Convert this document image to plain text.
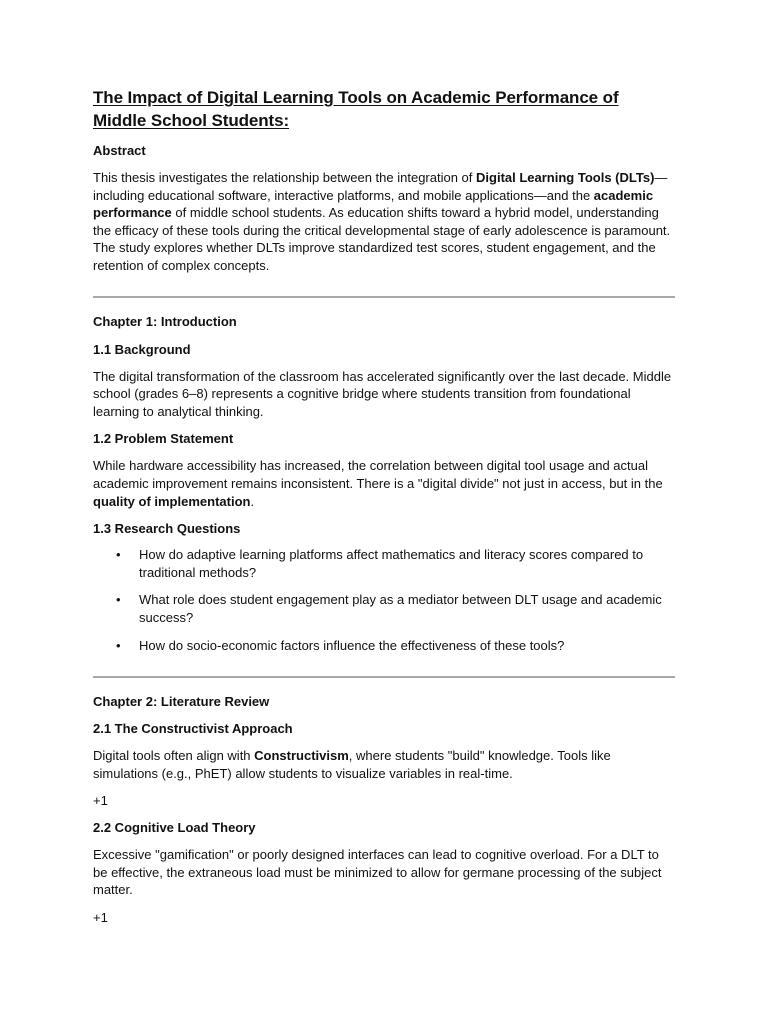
The Impact of Digital Learning Tools on Academic Performance of Middle School Students:
Abstract

This thesis investigates the relationship between the integration of Digital Learning Tools (DLTs)—including educational software, interactive platforms, and mobile applications—and the academic performance of middle school students. As education shifts toward a hybrid model, understanding the efficacy of these tools during the critical developmental stage of early adolescence is paramount. The study explores whether DLTs improve standardized test scores, student engagement, and the retention of complex concepts.

Chapter 1: Introduction
1.1 Background

The digital transformation of the classroom has accelerated significantly over the last decade. Middle school (grades 6–8) represents a cognitive bridge where students transition from foundational learning to analytical thinking.

1.2 Problem Statement

While hardware accessibility has increased, the correlation between digital tool usage and actual academic improvement remains inconsistent. There is a "digital divide" not just in access, but in the quality of implementation.

1.3 Research Questions
• How do adaptive learning platforms affect mathematics and literacy scores compared to traditional methods?
• What role does student engagement play as a mediator between DLT usage and academic success?
• How do socio-economic factors influence the effectiveness of these tools?
Chapter 2: Literature Review
2.1 The Constructivist Approach

Digital tools often align with Constructivism, where students "build" knowledge. Tools like simulations (e.g., PhET) allow students to visualize variables in real-time.

+1

2.2 Cognitive Load Theory

Excessive "gamification" or poorly designed interfaces can lead to cognitive overload. For a DLT to be effective, the extraneous load must be minimized to allow for germane processing of the subject matter.

+1
